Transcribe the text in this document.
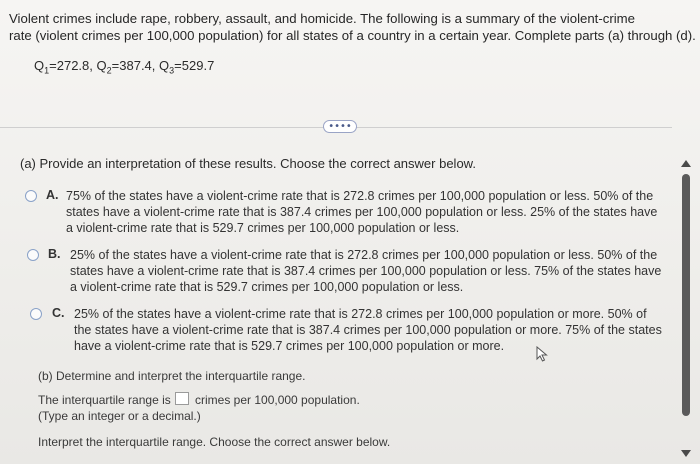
Violent crimes include rape, robbery, assault, and homicide. The following is a summary of the violent-crime
rate (violent crimes per 100,000 population) for all states of a country in a certain year. Complete parts (a) through (d).
$Q_1=272.8$, $Q_2=387.4$, $Q_3=529.7$
••••
(a) Provide an interpretation of these results. Choose the correct answer below.
A. 75% of the states have a violent-crime rate that is 272.8 crimes per 100,000 population or less. 50% of the
states have a violent-crime rate that is 387.4 crimes per 100,000 population or less. 25% of the states have
a violent-crime rate that is 529.7 crimes per 100,000 population or less.
B. 25% of the states have a violent-crime rate that is 272.8 crimes per 100,000 population or less. 50% of the
states have a violent-crime rate that is 387.4 crimes per 100,000 population or less. 75% of the states have
a violent-crime rate that is 529.7 crimes per 100,000 population or less.
C. 25% of the states have a violent-crime rate that is 272.8 crimes per 100,000 population or more. 50% of
the states have a violent-crime rate that is 387.4 crimes per 100,000 population or more. 75% of the states
have a violent-crime rate that is 529.7 crimes per 100,000 population or more.
(b) Determine and interpret the interquartile range.
The interquartile range is crimes per 100,000 population.
(Type an integer or a decimal.)
Interpret the interquartile range. Choose the correct answer below.
